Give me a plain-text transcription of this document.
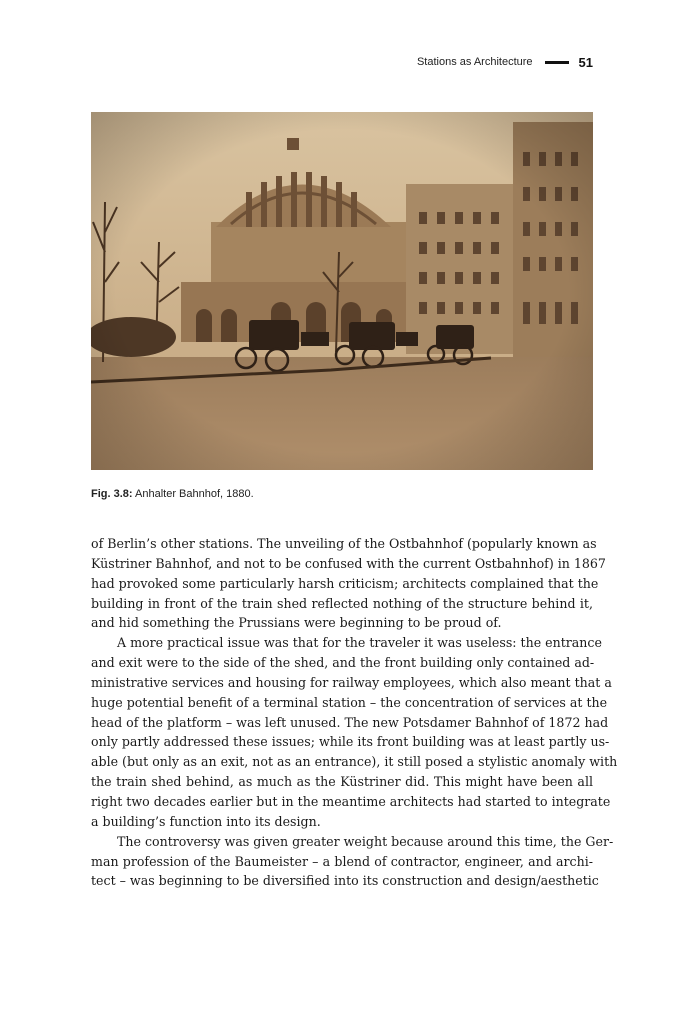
Stations as Architecture	51
Fig. 3.8: Anhalter Bahnhof, 1880.
of Berlin’s other stations. The unveiling of the Ostbahnhof (popularly known as
Küstriner Bahnhof, and not to be confused with the current Ostbahnhof) in 1867
had provoked some particularly harsh criticism; architects complained that the
building in front of the train shed reflected nothing of the structure behind it,
and hid something the Prussians were beginning to be proud of.
A more practical issue was that for the traveler it was useless: the entrance
and exit were to the side of the shed, and the front building only contained ad-
ministrative services and housing for railway employees, which also meant that a
huge potential benefit of a terminal station – the concentration of services at the
head of the platform – was left unused. The new Potsdamer Bahnhof of 1872 had
only partly addressed these issues; while its front building was at least partly us-
able (but only as an exit, not as an entrance), it still posed a stylistic anomaly with
the train shed behind, as much as the Küstriner did. This might have been all
right two decades earlier but in the meantime architects had started to integrate
a building’s function into its design.
The controversy was given greater weight because around this time, the Ger-
man profession of the Baumeister – a blend of contractor, engineer, and archi-
tect – was beginning to be diversified into its construction and design/aesthetic
